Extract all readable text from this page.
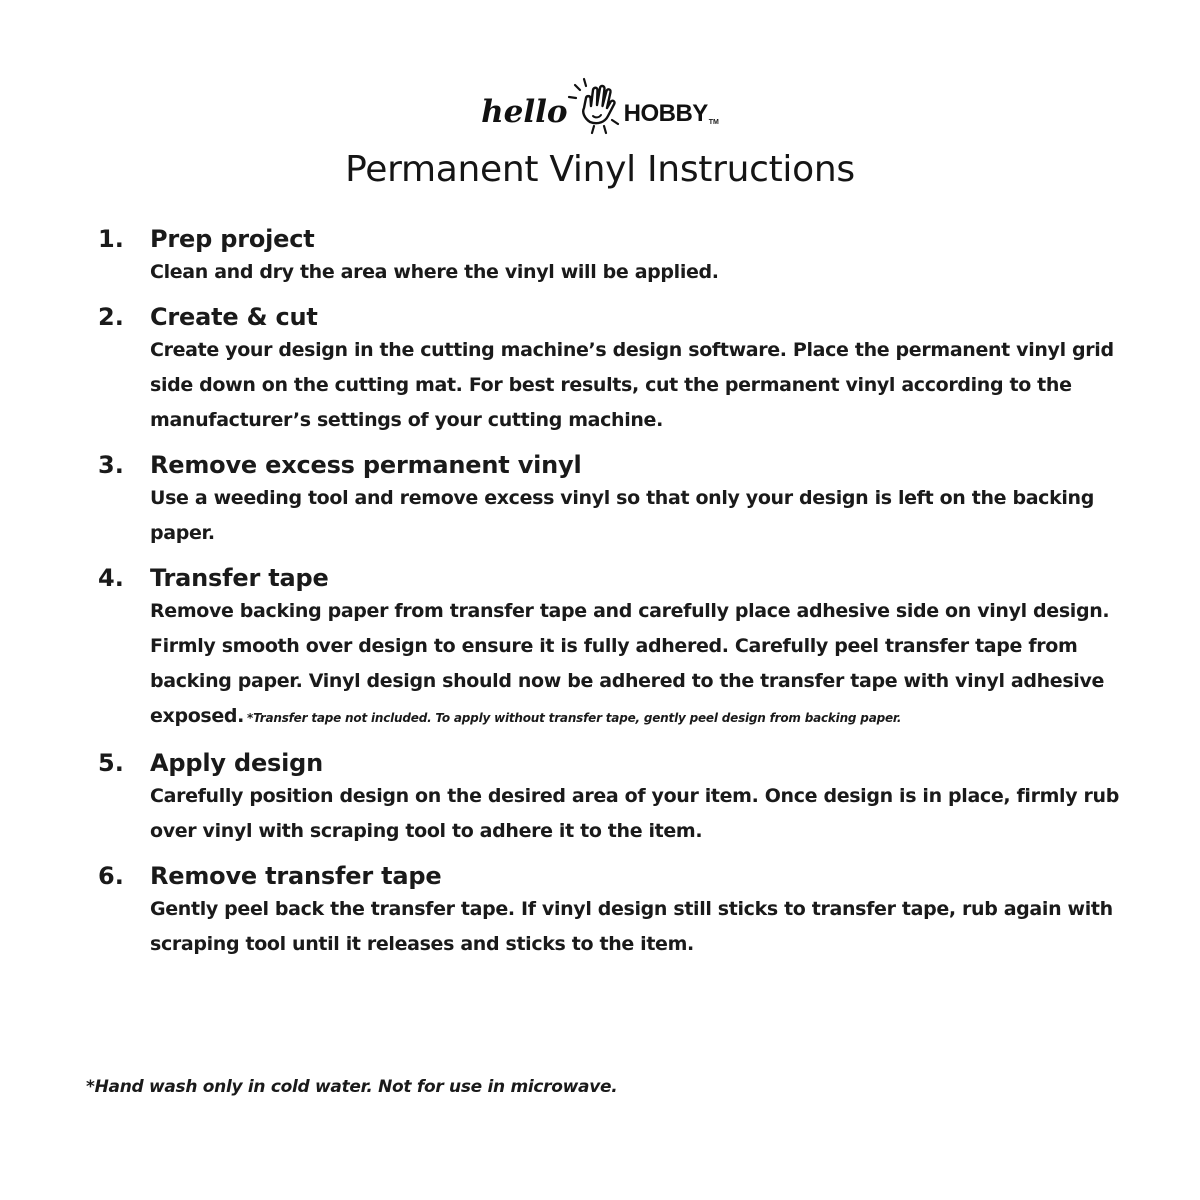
hello HOBBY TM
Permanent Vinyl Instructions
1. Prep project
Clean and dry the area where the vinyl will be applied.
2. Create & cut
Create your design in the cutting machine’s design software. Place the permanent vinyl grid side down on the cutting mat. For best results, cut the permanent vinyl according to the manufacturer’s settings of your cutting machine.
3. Remove excess permanent vinyl
Use a weeding tool and remove excess vinyl so that only your design is left on the backing paper.
4. Transfer tape
Remove backing paper from transfer tape and carefully place adhesive side on vinyl design. Firmly smooth over design to ensure it is fully adhered. Carefully peel transfer tape from backing paper. Vinyl design should now be adhered to the transfer tape with vinyl adhesive exposed. *Transfer tape not included. To apply without transfer tape, gently peel design from backing paper.
5. Apply design
Carefully position design on the desired area of your item. Once design is in place, firmly rub over vinyl with scraping tool to adhere it to the item.
6. Remove transfer tape
Gently peel back the transfer tape. If vinyl design still sticks to transfer tape, rub again with scraping tool until it releases and sticks to the item.
*Hand wash only in cold water. Not for use in microwave.
